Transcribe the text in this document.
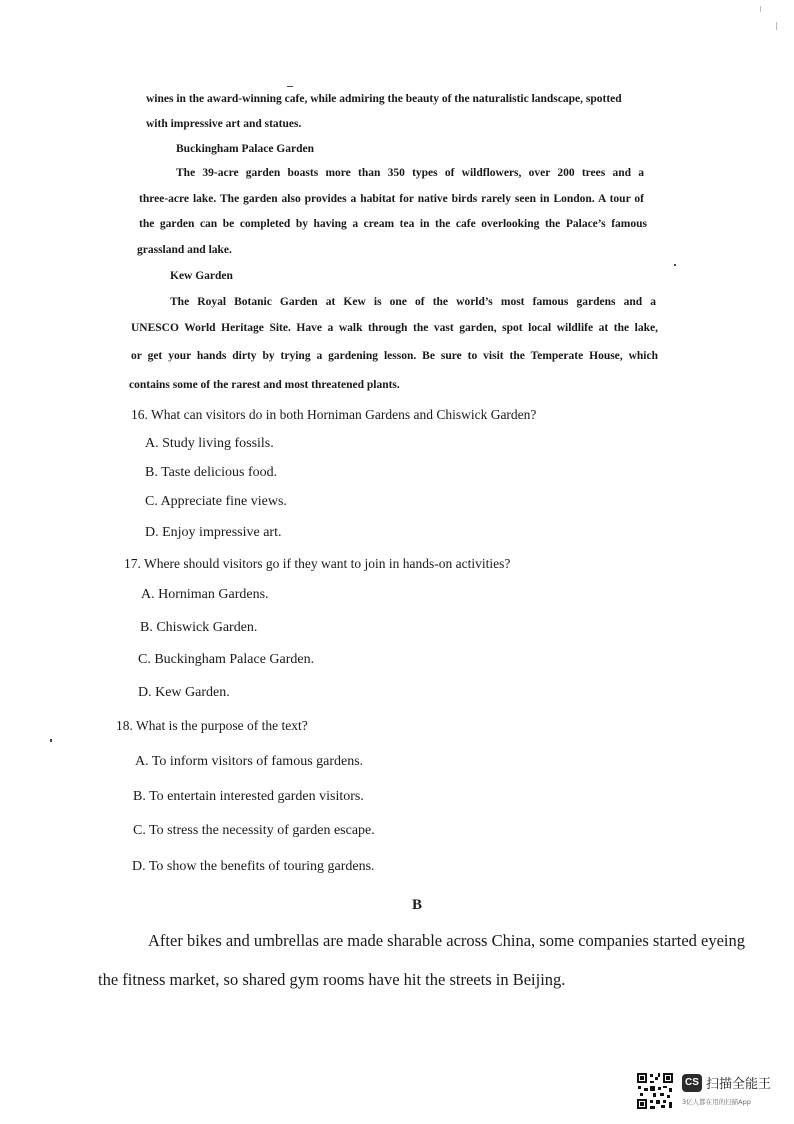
wines in the award-winning cafe, while admiring the beauty of the naturalistic landscape, spotted
with impressive art and statues.
Buckingham Palace Garden
The 39-acre garden boasts more than 350 types of wildflowers, over 200 trees and a
three-acre lake. The garden also provides a habitat for native birds rarely seen in London. A tour of
the garden can be completed by having a cream tea in the cafe overlooking the Palace’s famous
grassland and lake.
Kew Garden
The Royal Botanic Garden at Kew is one of the world’s most famous gardens and a
UNESCO World Heritage Site. Have a walk through the vast garden, spot local wildlife at the lake,
or get your hands dirty by trying a gardening lesson. Be sure to visit the Temperate House, which
contains some of the rarest and most threatened plants.
16. What can visitors do in both Horniman Gardens and Chiswick Garden?
A. Study living fossils.
B. Taste delicious food.
C. Appreciate fine views.
D. Enjoy impressive art.
17. Where should visitors go if they want to join in hands-on activities?
A. Horniman Gardens.
B. Chiswick Garden.
C. Buckingham Palace Garden.
D. Kew Garden.
18. What is the purpose of the text?
A. To inform visitors of famous gardens.
B. To entertain interested garden visitors.
C. To stress the necessity of garden escape.
D. To show the benefits of touring gardens.
B
After bikes and umbrellas are made sharable across China, some companies started eyeing
the fitness market, so shared gym rooms have hit the streets in Beijing.
CS 扫描全能王
3亿人都在用的扫描App
